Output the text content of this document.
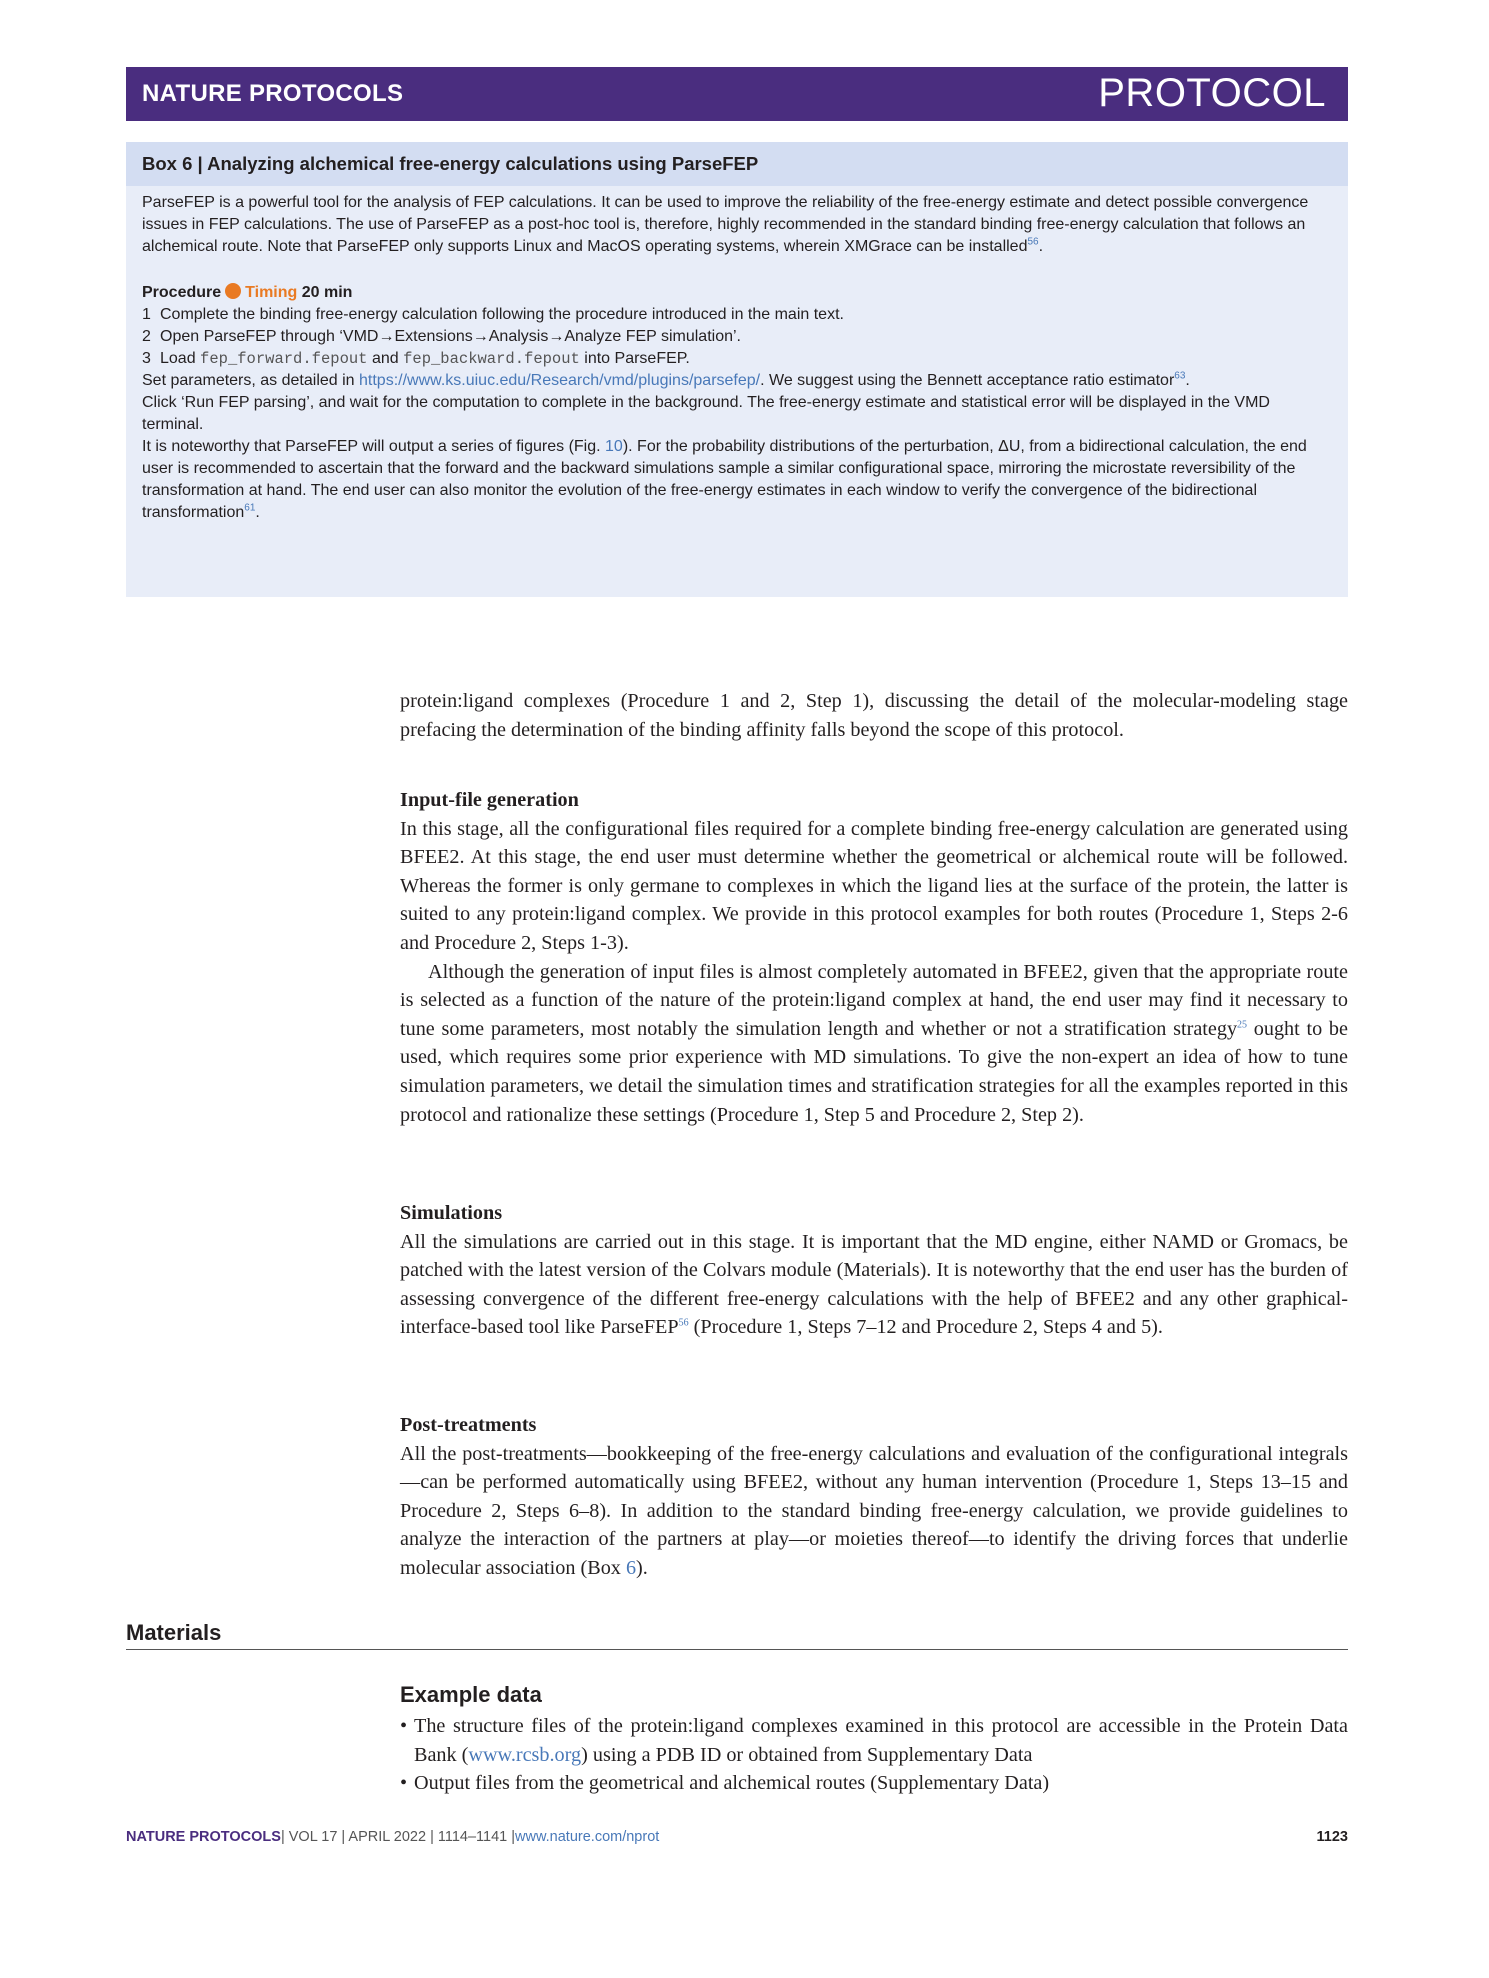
NATURE PROTOCOLS	PROTOCOL
Box 6 | Analyzing alchemical free-energy calculations using ParseFEP

ParseFEP is a powerful tool for the analysis of FEP calculations. It can be used to improve the reliability of the free-energy estimate and detect possible convergence issues in FEP calculations. The use of ParseFEP as a post-hoc tool is, therefore, highly recommended in the standard binding free-energy calculation that follows an alchemical route. Note that ParseFEP only supports Linux and MacOS operating systems, wherein XMGrace can be installed$^{56}$.

Procedure Timing 20 min

1 Complete the binding free-energy calculation following the procedure introduced in the main text.

2 Open ParseFEP through ‘VMD→Extensions→Analysis→Analyze FEP simulation’.

3 Load fep_forward.fepout and fep_backward.fepout into ParseFEP.

Set parameters, as detailed in https://www.ks.uiuc.edu/Research/vmd/plugins/parsefep/. We suggest using the Bennett acceptance ratio estimator$^{63}$.

Click ‘Run FEP parsing’, and wait for the computation to complete in the background. The free-energy estimate and statistical error will be displayed in the VMD terminal.

It is noteworthy that ParseFEP will output a series of figures (Fig. 10). For the probability distributions of the perturbation, ΔU, from a bidirectional calculation, the end user is recommended to ascertain that the forward and the backward simulations sample a similar configurational space, mirroring the microstate reversibility of the transformation at hand. The end user can also monitor the evolution of the free-energy estimates in each window to verify the convergence of the bidirectional transformation$^{61}$.

protein:ligand complexes (Procedure 1 and 2, Step 1), discussing the detail of the molecular-modeling stage prefacing the determination of the binding affinity falls beyond the scope of this protocol.

Input-file generation

In this stage, all the configurational files required for a complete binding free-energy calculation are generated using BFEE2. At this stage, the end user must determine whether the geometrical or alchemical route will be followed. Whereas the former is only germane to complexes in which the ligand lies at the surface of the protein, the latter is suited to any protein:ligand complex. We provide in this protocol examples for both routes (Procedure 1, Steps 2-6 and Procedure 2, Steps 1-3).

Although the generation of input files is almost completely automated in BFEE2, given that the appropriate route is selected as a function of the nature of the protein:ligand complex at hand, the end user may find it necessary to tune some parameters, most notably the simulation length and whether or not a stratification strategy$^{25}$ ought to be used, which requires some prior experience with MD simulations. To give the non-expert an idea of how to tune simulation parameters, we detail the simulation times and stratification strategies for all the examples reported in this protocol and rationalize these settings (Procedure 1, Step 5 and Procedure 2, Step 2).

Simulations

All the simulations are carried out in this stage. It is important that the MD engine, either NAMD or Gromacs, be patched with the latest version of the Colvars module (Materials). It is noteworthy that the end user has the burden of assessing convergence of the different free-energy calculations with the help of BFEE2 and any other graphical-interface-based tool like ParseFEP$^{56}$ (Procedure 1, Steps 7–12 and Procedure 2, Steps 4 and 5).

Post-treatments

All the post-treatments—bookkeeping of the free-energy calculations and evaluation of the configurational integrals—can be performed automatically using BFEE2, without any human intervention (Procedure 1, Steps 13–15 and Procedure 2, Steps 6–8). In addition to the standard binding free-energy calculation, we provide guidelines to analyze the interaction of the partners at play—or moieties thereof—to identify the driving forces that underlie molecular association (Box 6).

Materials
Example data
• The structure files of the protein:ligand complexes examined in this protocol are accessible in the Protein Data Bank (www.rcsb.org) using a PDB ID or obtained from Supplementary Data
• Output files from the geometrical and alchemical routes (Supplementary Data)
NATURE PROTOCOLS| VOL 17 | APRIL 2022 | 1114–1141 |www.nature.com/nprot	1123
